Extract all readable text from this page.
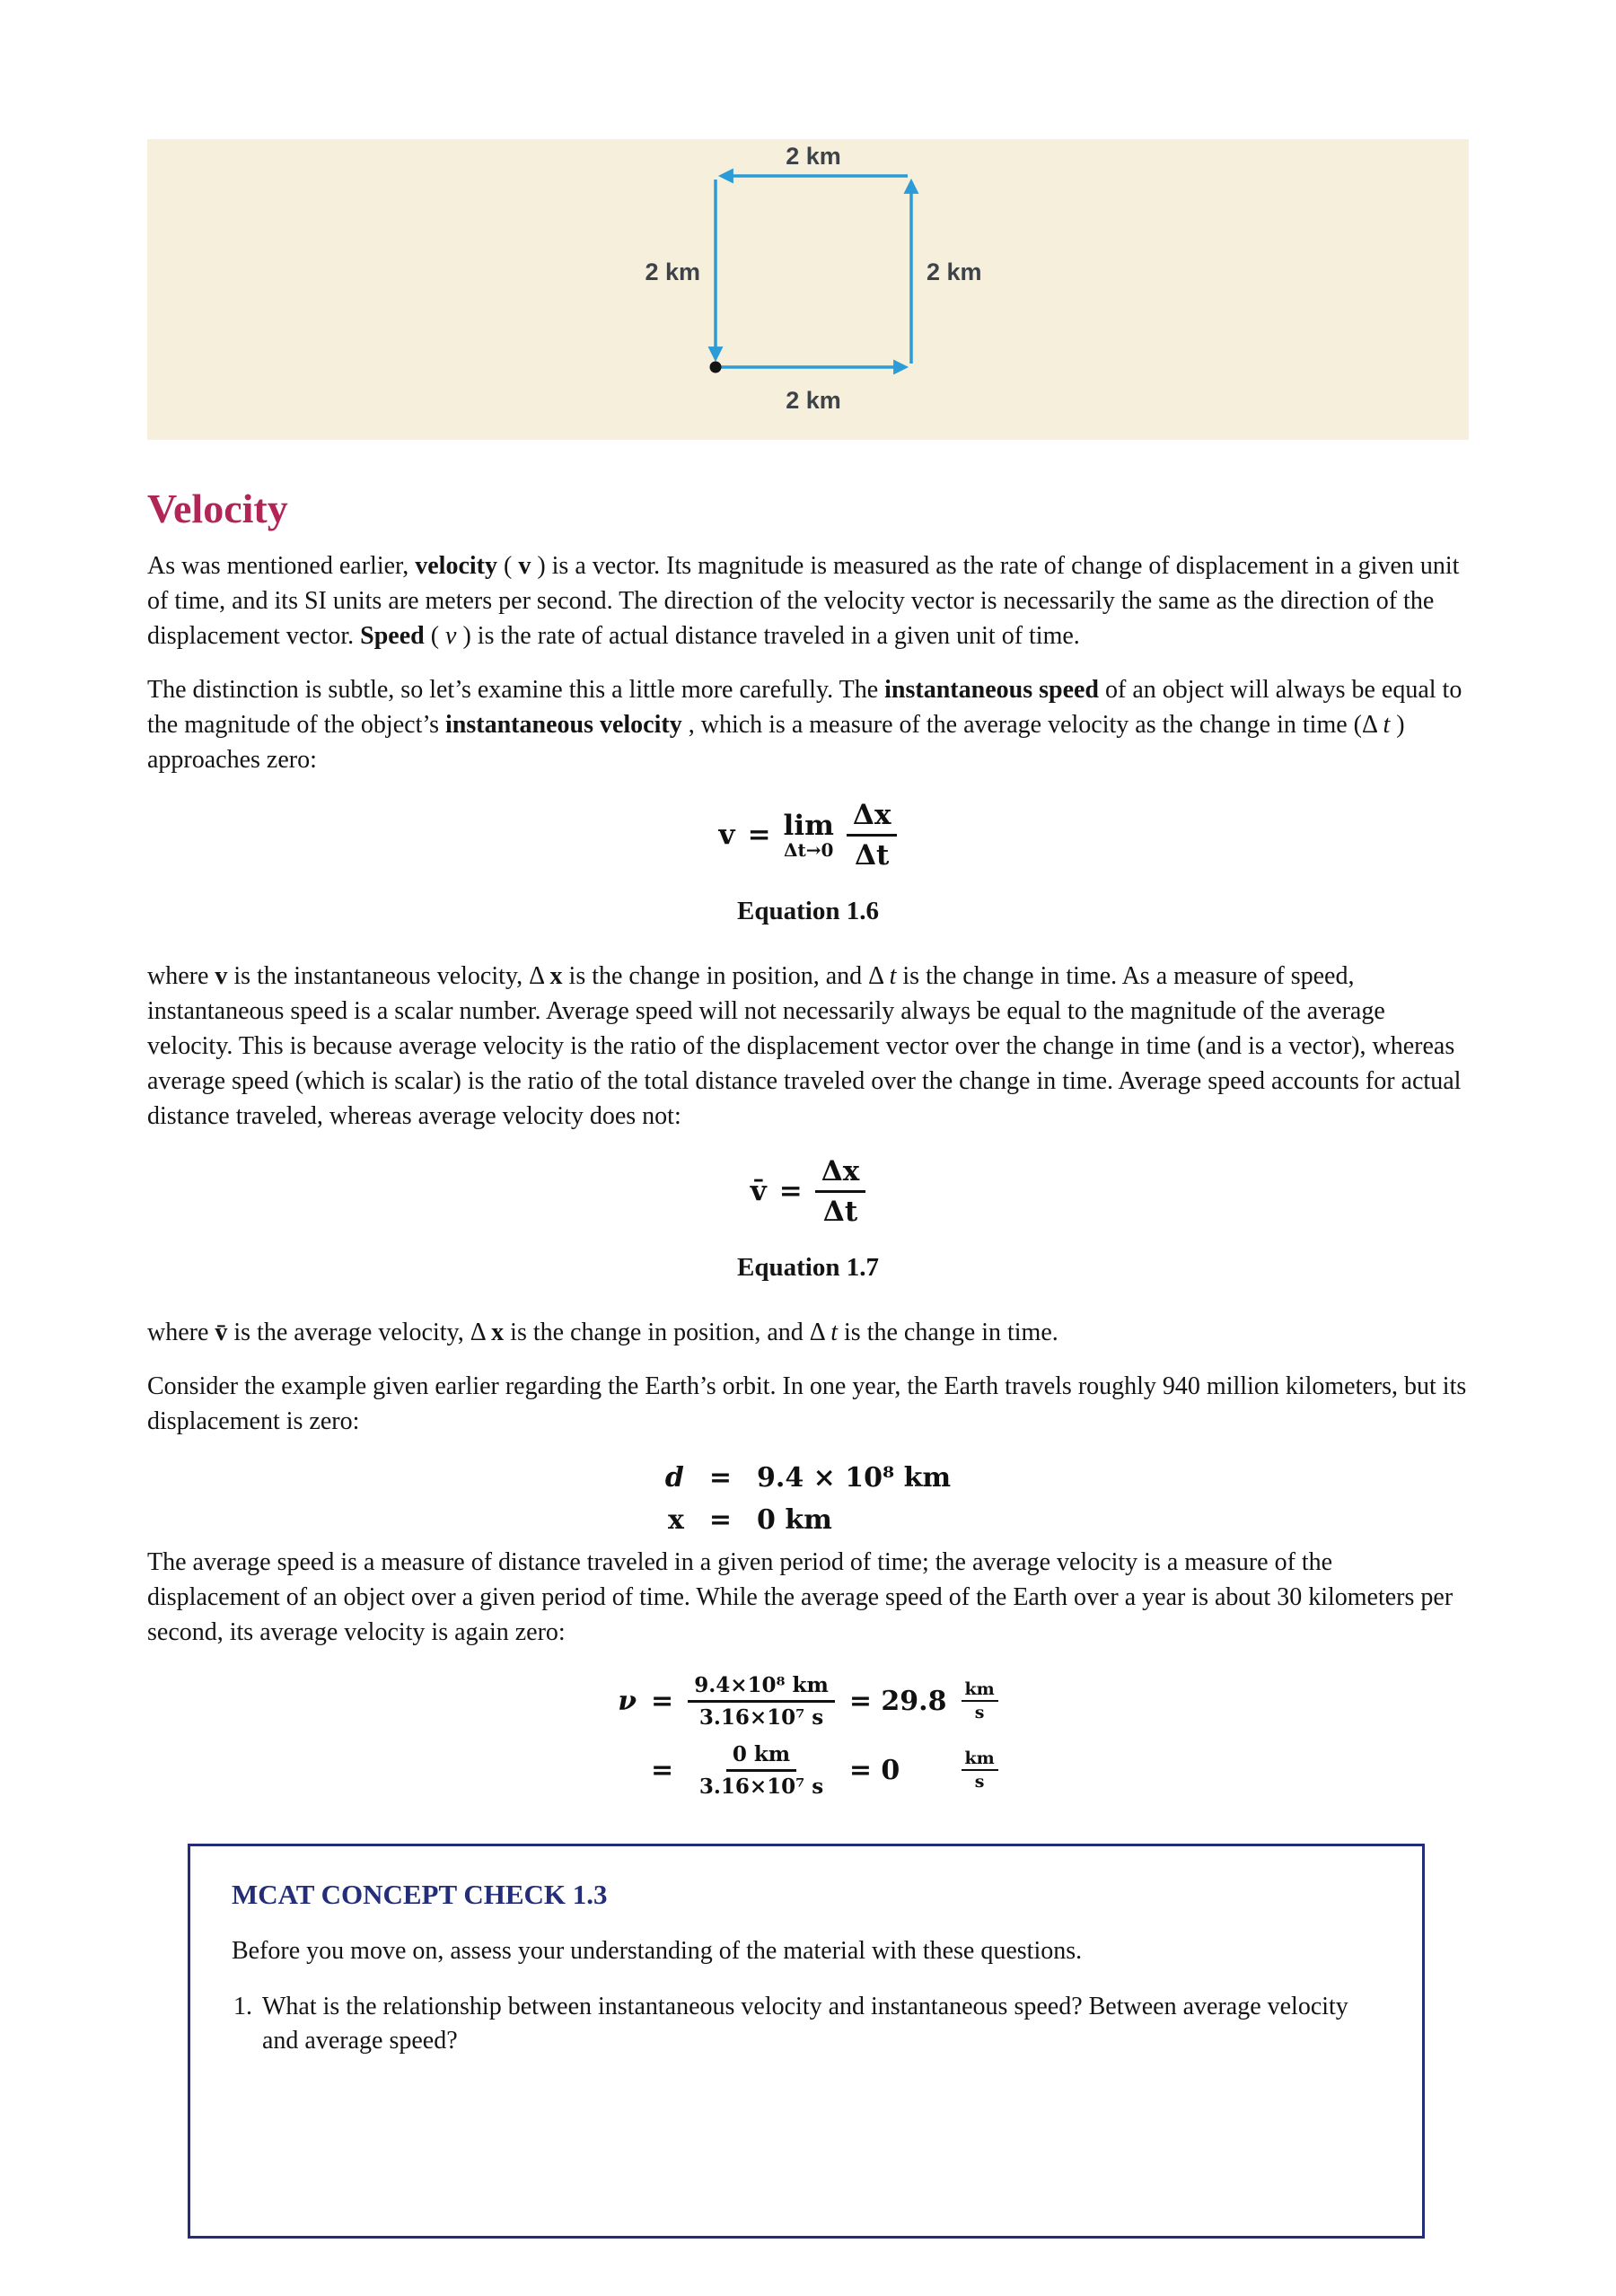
2 km
2 km
2 km
2 km
Velocity

As was mentioned earlier, velocity ( v ) is a vector. Its magnitude is measured as the rate of change of displacement in a given unit of time, and its SI units are meters per second. The direction of the velocity vector is necessarily the same as the direction of the displacement vector. Speed ( v ) is the rate of actual distance traveled in a given unit of time.

The distinction is subtle, so let’s examine this a little more carefully. The instantaneous speed of an object will always be equal to the magnitude of the object’s instantaneous velocity , which is a measure of the average velocity as the change in time (Δ t ) approaches zero:

v = lim
$\Delta t\to 0 \frac{\Delta x}{\Delta t}$
Equation 1.6

where v is the instantaneous velocity, Δ x is the change in position, and Δ t is the change in time. As a measure of speed, instantaneous speed is a scalar number. Average speed will not necessarily always be equal to the magnitude of the average velocity. This is because average velocity is the ratio of the displacement vector over the change in time (and is a vector), whereas average speed (which is scalar) is the ratio of the total distance traveled over the change in time. Average speed accounts for actual distance traveled, whereas average velocity does not:

v̄ = $\frac{\Delta x}{\Delta t}$
Equation 1.7

where v̄ is the average velocity, Δ x is the change in position, and Δ t is the change in time.

Consider the example given earlier regarding the Earth’s orbit. In one year, the Earth travels roughly 940 million kilometers, but its displacement is zero:

d = 9.4 × 10⁸ km
x = 0 km

The average speed is a measure of distance traveled in a given period of time; the average velocity is a measure of the displacement of an object over a given period of time. While the average speed of the Earth over a year is about 30 kilometers per second, its average velocity is again zero:

$\nu = \frac{\text{9.4×10⁸ km}}{\text{3.16×10⁷ s}} = 29.8 \frac{km}{s}$
= $\frac{0 km}{\text{3.16×10⁷ s}} = 0$	$\frac{km}{s}$
MCAT CONCEPT CHECK 1.3

Before you move on, assess your understanding of the material with these questions.

1. What is the relationship between instantaneous velocity and instantaneous speed? Between average velocity and average speed?
